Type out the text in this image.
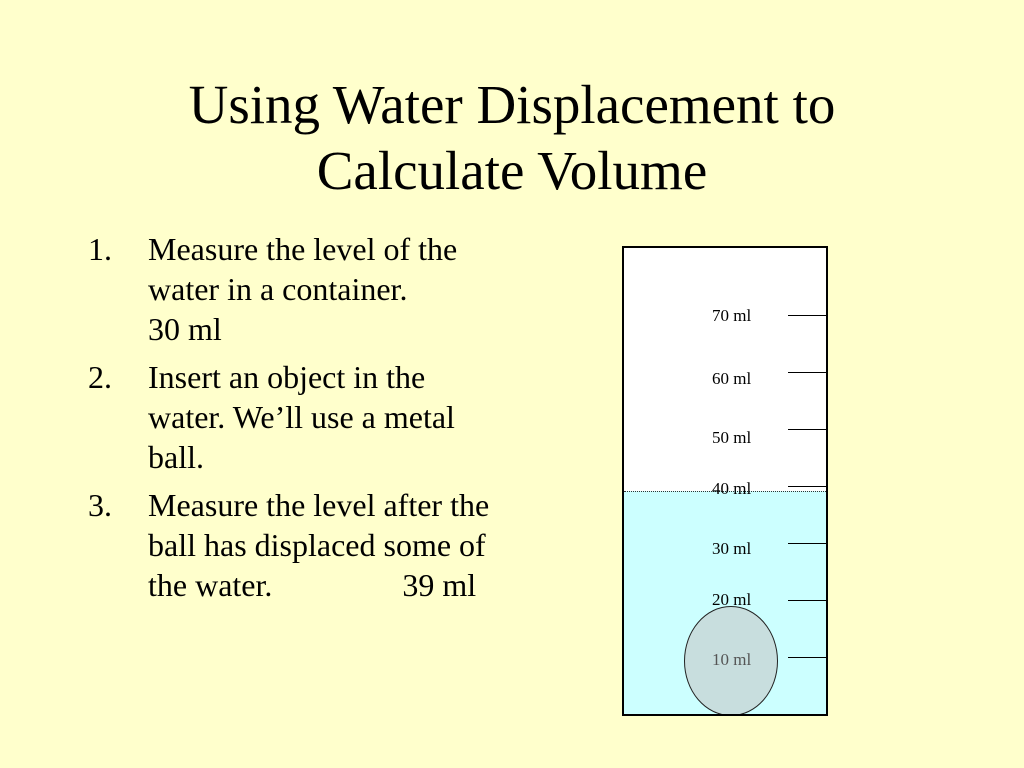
Using Water Displacement to
Calculate Volume
1.	Measure the level of the water in a container.30 ml
2.	Insert an object in the water. We’ll use a metal ball.
3.	Measure the level after the ball has displaced some of the water.	39 ml
70 ml
60 ml
50 ml
40 ml
30 ml
20 ml
10 ml
